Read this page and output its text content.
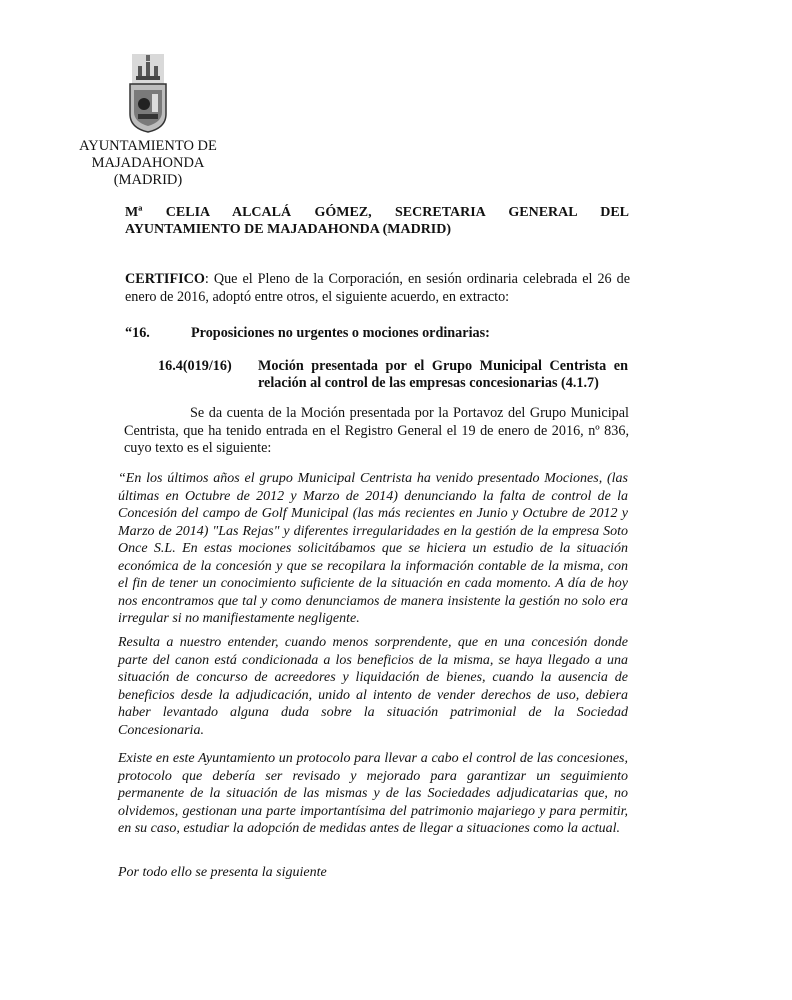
AYUNTAMIENTO DE
MAJADAHONDA
(MADRID)
Mª CELIA ALCALÁ GÓMEZ, SECRETARIA GENERAL DEL
AYUNTAMIENTO DE MAJADAHONDA (MADRID)
CERTIFICO: Que el Pleno de la Corporación, en sesión ordinaria celebrada el 26 de enero de 2016, adoptó entre otros, el siguiente acuerdo, en extracto:
“16.	Proposiciones no urgentes o mociones ordinarias:
16.4(019/16) Moción presentada por el Grupo Municipal Centrista en relación al control de las empresas concesionarias (4.1.7)
Se da cuenta de la Moción presentada por la Portavoz del Grupo Municipal Centrista, que ha tenido entrada en el Registro General el 19 de enero de 2016, nº 836, cuyo texto es el siguiente:
“En los últimos años el grupo Municipal Centrista ha venido presentado Mociones, (las últimas en Octubre de 2012 y Marzo de 2014) denunciando la falta de control de la Concesión del campo de Golf Municipal (las más recientes en Junio y Octubre de 2012 y Marzo de 2014) "Las Rejas" y diferentes irregularidades en la gestión de la empresa Soto Once S.L. En estas mociones solicitábamos que se hiciera un estudio de la situación económica de la concesión y que se recopilara la información contable de la misma, con el fin de tener un conocimiento suficiente de la situación en cada momento. A día de hoy nos encontramos que tal y como denunciamos de manera insistente la gestión no solo era irregular si no manifiestamente negligente.
Resulta a nuestro entender, cuando menos sorprendente, que en una concesión donde parte del canon está condicionada a los beneficios de la misma, se haya llegado a una situación de concurso de acreedores y liquidación de bienes, cuando la ausencia de beneficios desde la adjudicación, unido al intento de vender derechos de uso, debiera haber levantado alguna duda sobre la situación patrimonial de la Sociedad Concesionaria.
Existe en este Ayuntamiento un protocolo para llevar a cabo el control de las concesiones, protocolo que debería ser revisado y mejorado para garantizar un seguimiento permanente de la situación de las mismas y de las Sociedades adjudicatarias que, no olvidemos, gestionan una parte importantísima del patrimonio majariego y para permitir, en su caso, estudiar la adopción de medidas antes de llegar a situaciones como la actual.
Por todo ello se presenta la siguiente
